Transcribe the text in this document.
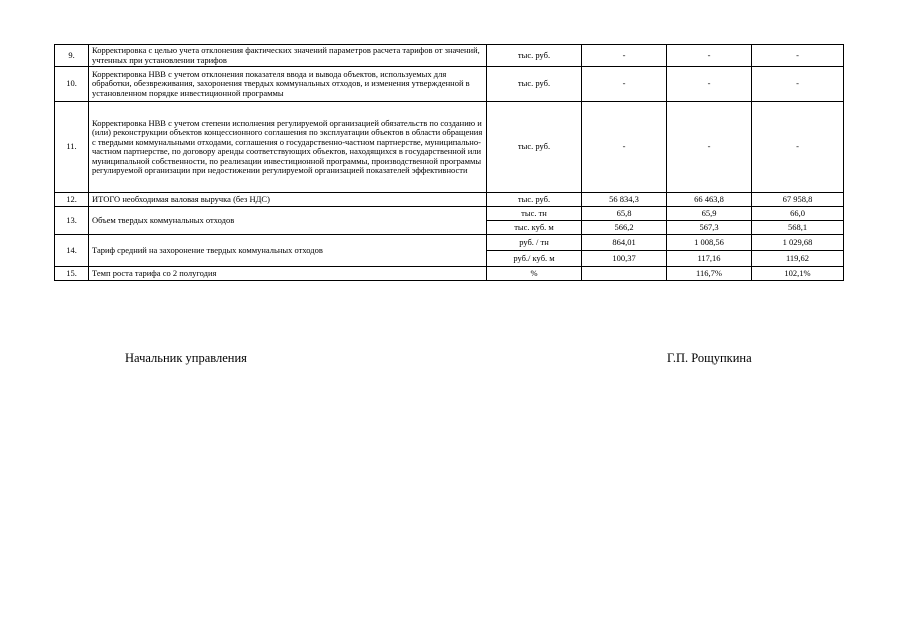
9.	Корректировка с целью учета отклонения фактических значений параметров расчета тарифов от значений, учтенных при установлении тарифов	тыс. руб.	-	-	-
10.	Корректировка НВВ с учетом отклонения показателя ввода и вывода объектов, используемых для обработки, обезвреживания, захоронения твердых коммунальных отходов, и изменения утвержденной в установленном порядке инвестиционной программы	тыс. руб.	-	-	-
11.	Корректировка НВВ с учетом степени исполнения регулируемой организацией обязательств по созданию и (или) реконструкции объектов концессионного соглашения по эксплуатации объектов в области обращения с твердыми коммунальными отходами, соглашения о государственно-частном партнерстве, муниципально-частном партнерстве, по договору аренды соответствующих объектов, находящихся в государственной или муниципальной собственности, по реализации инвестиционной программы, производственной программы регулируемой организации при недостижении регулируемой организацией показателей эффективности	тыс. руб.	-	-	-
12.	ИТОГО необходимая валовая выручка (без НДС)	тыс. руб.	56 834,3	66 463,8	67 958,8
13.	Объем твердых коммунальных отходов	тыс. тн	65,8	65,9	66,0
		тыс. куб. м	566,2	567,3	568,1
14.	Тариф средний на захоронение твердых коммунальных отходов	руб. / тн	864,01	1 008,56	1 029,68
		руб./ куб. м	100,37	117,16	119,62
15.	Темп роста тарифа со 2 полугодия	%		116,7%	102,1%
Начальник управления	Г.П. Рощупкина
